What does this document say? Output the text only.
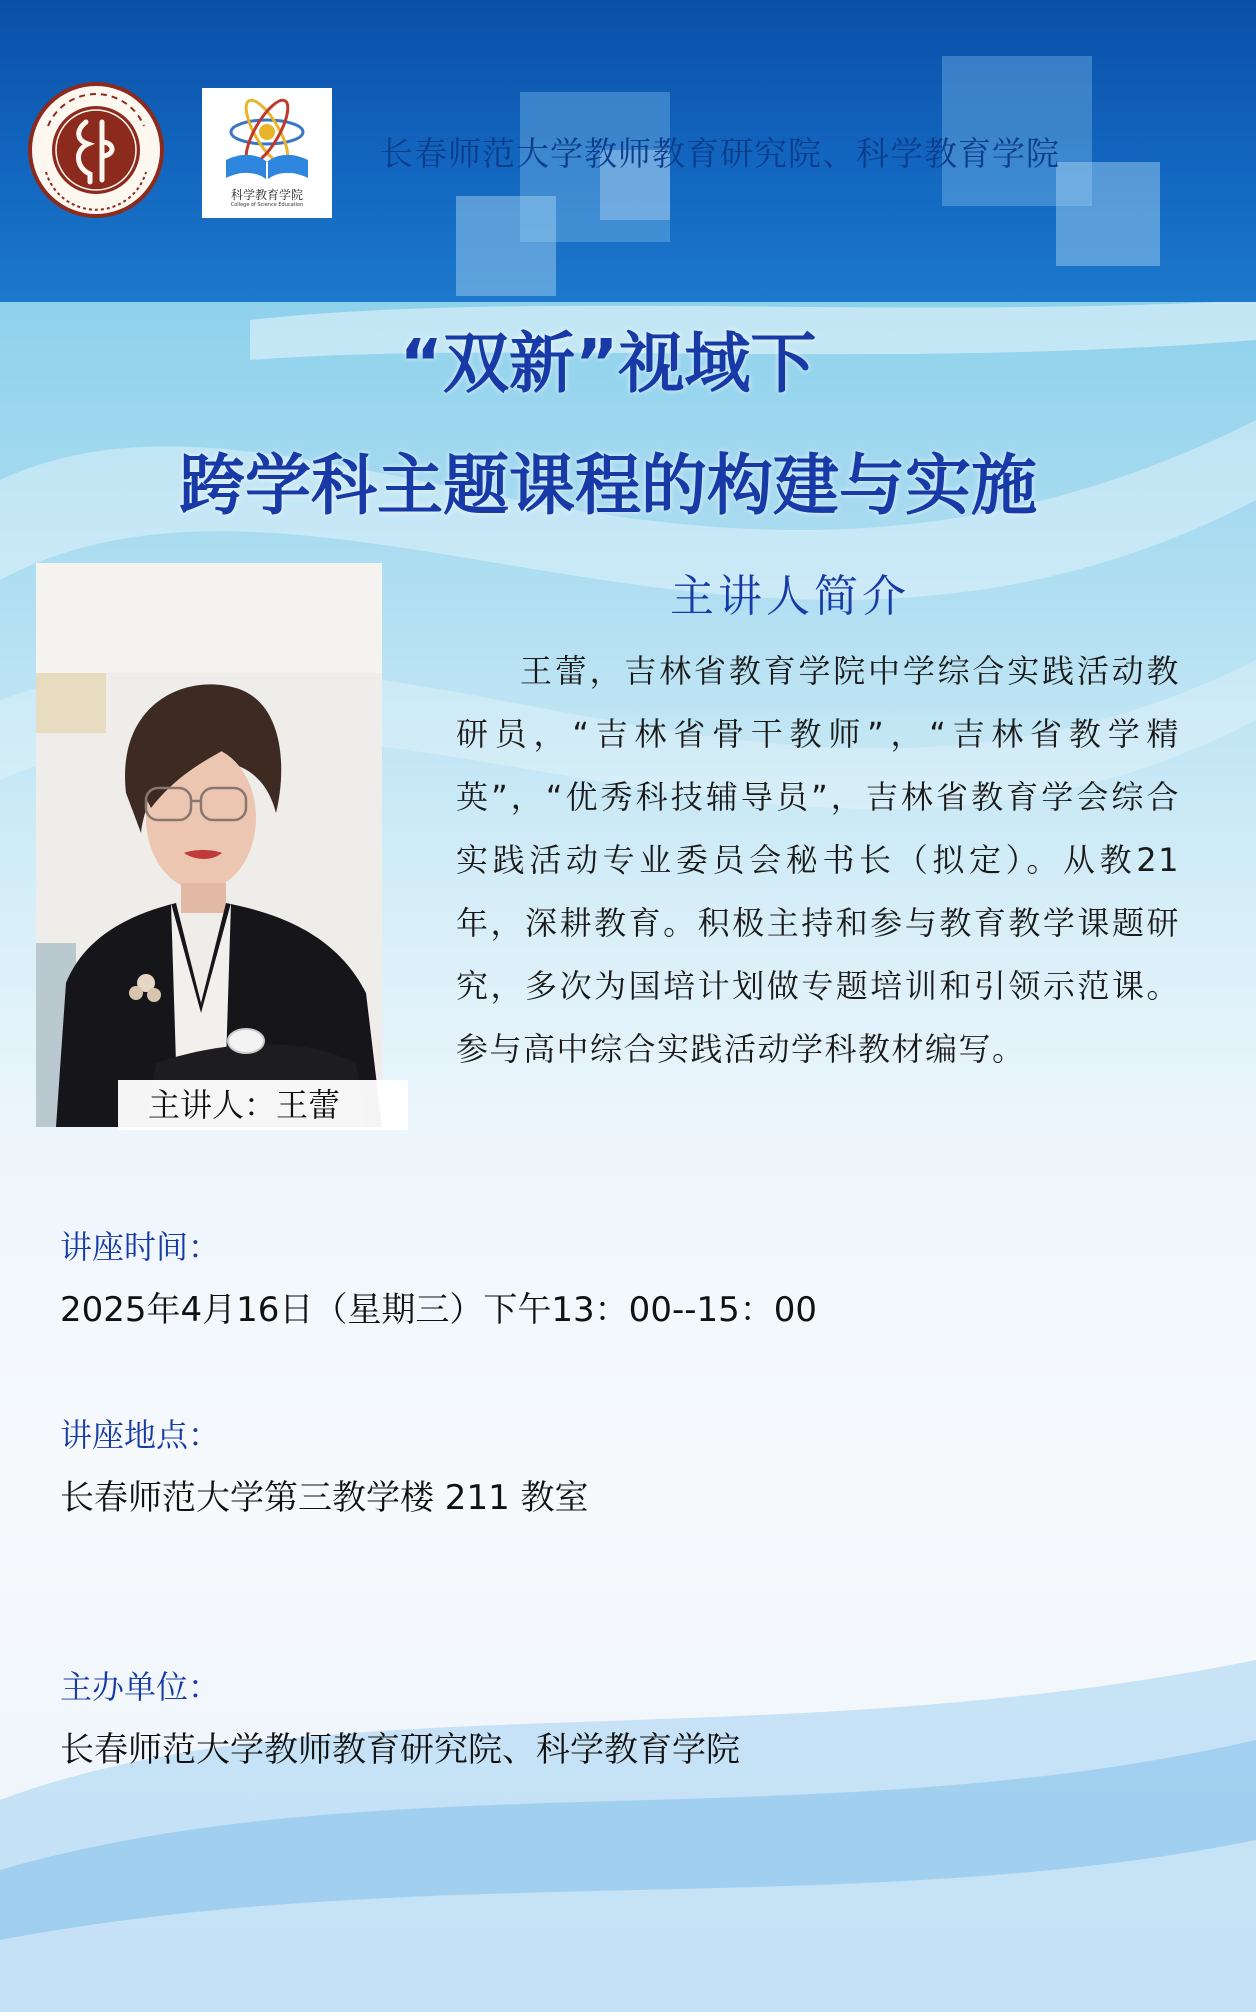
科学教育学院
College of Science Education
长春师范大学教师教育研究院、科学教育学院
“双新”视域下
跨学科主题课程的构建与实施
主讲人：王蕾
主讲人简介
王蕾，吉林省教育学院中学综合实践活动教研员，“吉林省骨干教师”，“吉林省教学精英”，“优秀科技辅导员”，吉林省教育学会综合实践活动专业委员会秘书长（拟定）。从教21年，深耕教育。积极主持和参与教育教学课题研究，多次为国培计划做专题培训和引领示范课。参与高中综合实践活动学科教材编写。
讲座时间：
2025年4月16日（星期三）下午13：00--15：00
讲座地点：
长春师范大学第三教学楼 211 教室
主办单位：
长春师范大学教师教育研究院、科学教育学院
